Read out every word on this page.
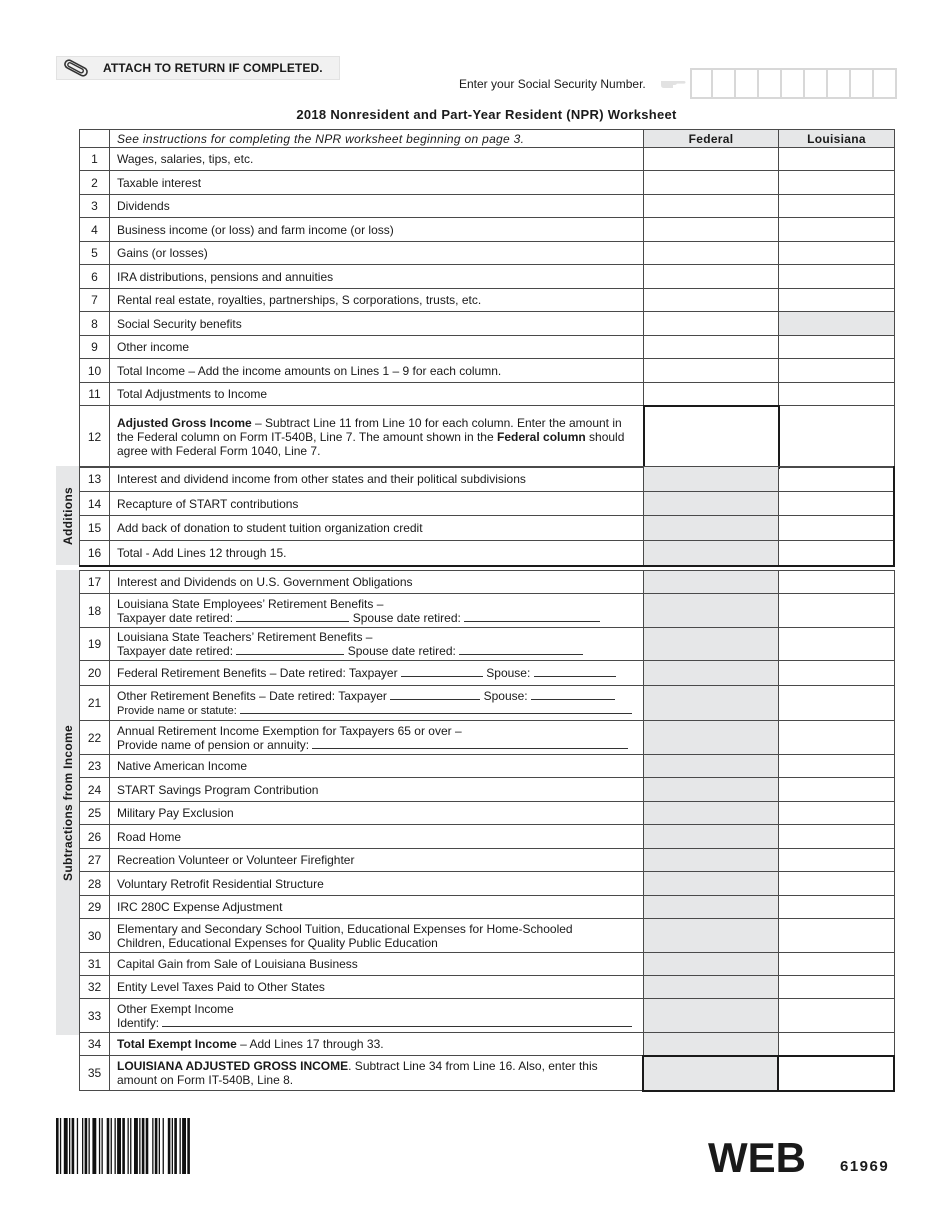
ATTACH TO RETURN IF COMPLETED.
Enter your Social Security Number.
2018 Nonresident and Part-Year Resident (NPR) Worksheet
Additions
Subtractions from Income
	See instructions for completing the NPR worksheet beginning on page 3.	Federal	Louisiana
1	Wages, salaries, tips, etc.		
2	Taxable interest		
3	Dividends		
4	Business income (or loss) and farm income (or loss)		
5	Gains (or losses)		
6	IRA distributions, pensions and annuities		
7	Rental real estate, royalties, partnerships, S corporations, trusts, etc.		
8	Social Security benefits		
9	Other income		
10	Total Income – Add the income amounts on Lines 1 – 9 for each column.		
11	Total Adjustments to Income		
12	Adjusted Gross Income – Subtract Line 11 from Line 10 for each column. Enter the amount in the Federal column on Form IT-540B, Line 7. The amount shown in the Federal column should agree with Federal Form 1040, Line 7.		
13	Interest and dividend income from other states and their political subdivisions		
14	Recapture of START contributions		
15	Add back of donation to student tuition organization credit		
16	Total - Add Lines 12 through 15.		
17	Interest and Dividends on U.S. Government Obligations		
18	Louisiana State Employees’ Retirement Benefits –
Taxpayer date retired: Spouse date retired:		
19	Louisiana State Teachers’ Retirement Benefits –
Taxpayer date retired: Spouse date retired:		
20	Federal Retirement Benefits – Date retired: Taxpayer Spouse:		
21	Other Retirement Benefits – Date retired: Taxpayer Spouse:
Provide name or statute:		
22	Annual Retirement Income Exemption for Taxpayers 65 or over –
Provide name of pension or annuity:		
23	Native American Income		
24	START Savings Program Contribution		
25	Military Pay Exclusion		
26	Road Home		
27	Recreation Volunteer or Volunteer Firefighter		
28	Voluntary Retrofit Residential Structure		
29	IRC 280C Expense Adjustment		
30	Elementary and Secondary School Tuition, Educational Expenses for Home-Schooled Children, Educational Expenses for Quality Public Education		
31	Capital Gain from Sale of Louisiana Business		
32	Entity Level Taxes Paid to Other States		
33	Other Exempt Income
Identify:		
34	Total Exempt Income – Add Lines 17 through 33.		
35	LOUISIANA ADJUSTED GROSS INCOME. Subtract Line 34 from Line 16. Also, enter this amount on Form IT-540B, Line 8.		
WEB 61969
